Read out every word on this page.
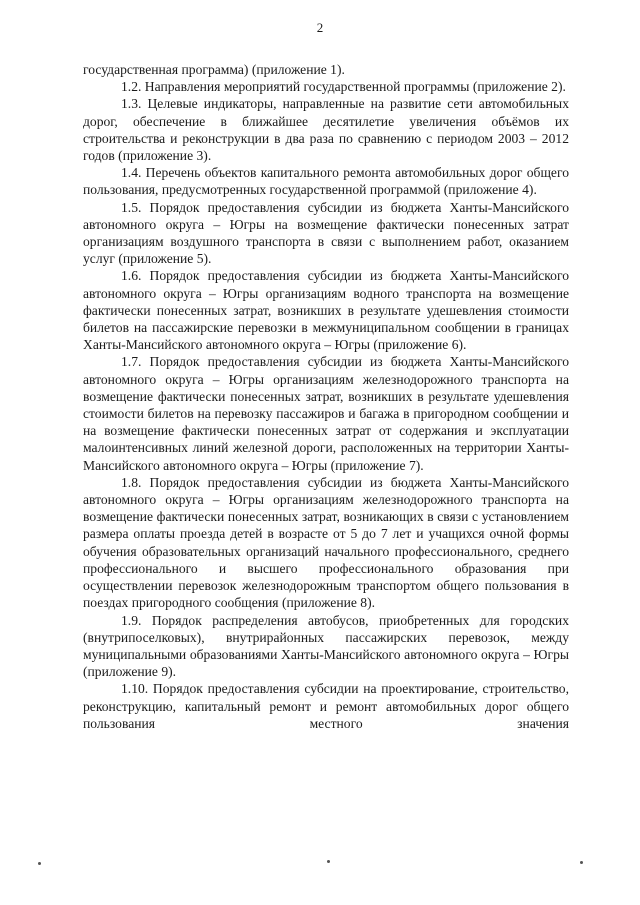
2

государственная программа) (приложение 1).

1.2. Направления мероприятий государственной программы (приложение 2).

1.3. Целевые индикаторы, направленные на развитие сети автомобильных дорог, обеспечение в ближайшее десятилетие увеличения объёмов их строительства и реконструкции в два раза по сравнению с периодом 2003 – 2012 годов (приложение 3).

1.4. Перечень объектов капитального ремонта автомобильных дорог общего пользования, предусмотренных государственной программой (приложение 4).

1.5. Порядок предоставления субсидии из бюджета Ханты-Мансийского автономного округа – Югры на возмещение фактически понесенных затрат организациям воздушного транспорта в связи с выполнением работ, оказанием услуг (приложение 5).

1.6. Порядок предоставления субсидии из бюджета Ханты-Мансийского автономного округа – Югры организациям водного транспорта на возмещение фактически понесенных затрат, возникших в результате удешевления стоимости билетов на пассажирские перевозки в межмуниципальном сообщении в границах Ханты-Мансийского автономного округа – Югры (приложение 6).

1.7. Порядок предоставления субсидии из бюджета Ханты-Мансийского автономного округа – Югры организациям железнодорожного транспорта на возмещение фактически понесенных затрат, возникших в результате удешевления стоимости билетов на перевозку пассажиров и багажа в пригородном сообщении и на возмещение фактически понесенных затрат от содержания и эксплуатации малоинтенсивных линий железной дороги, расположенных на территории Ханты-Мансийского автономного округа – Югры (приложение 7).

1.8. Порядок предоставления субсидии из бюджета Ханты-Мансийского автономного округа – Югры организациям железнодорожного транспорта на возмещение фактически понесенных затрат, возникающих в связи с установлением размера оплаты проезда детей в возрасте от 5 до 7 лет и учащихся очной формы обучения образовательных организаций начального профессионального, среднего профессионального и высшего профессионального образования при осуществлении перевозок железнодорожным транспортом общего пользования в поездах пригородного сообщения (приложение 8).

1.9. Порядок распределения автобусов, приобретенных для городских (внутрипоселковых), внутрирайонных пассажирских перевозок, между муниципальными образованиями Ханты-Мансийского автономного округа – Югры (приложение 9).

1.10. Порядок предоставления субсидии на проектирование, строительство, реконструкцию, капитальный ремонт и ремонт автомобильных дорог общего пользования местного значения
